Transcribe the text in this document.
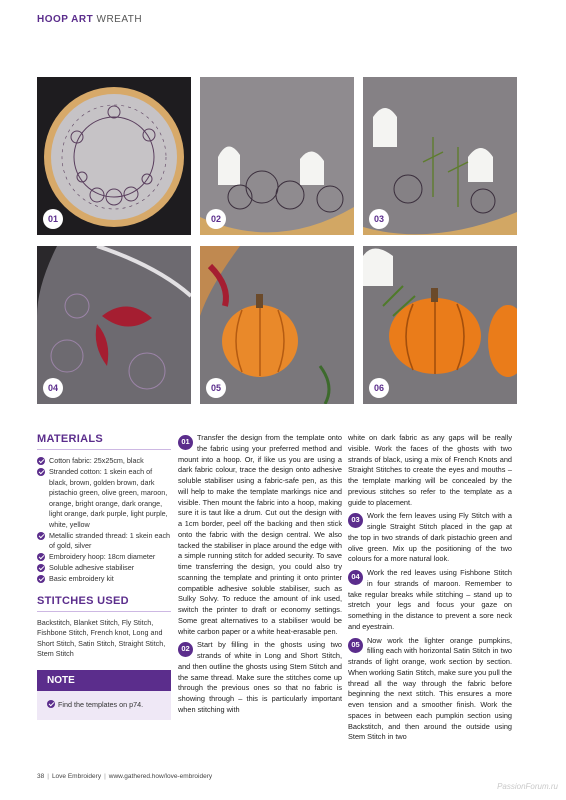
HOOP ART WREATH
01	02	03
04	05	06
MATERIALS
Cotton fabric: 25x25cm, black
Stranded cotton: 1 skein each of black, brown, golden brown, dark pistachio green, olive green, maroon, orange, bright orange, dark orange, light orange, dark purple, light purple, white, yellow
Metallic stranded thread: 1 skein each of gold, silver
Embroidery hoop: 18cm diameter
Soluble adhesive stabiliser
Basic embroidery kit
STITCHES USED
Backstitch, Blanket Stitch, Fly Stitch, Fishbone Stitch, French knot, Long and Short Stitch, Satin Stitch, Straight Stitch, Stem Stitch
NOTE
Find the templates on p74.

01 Transfer the design from the template onto the fabric using your preferred method and mount into a hoop. Or, if like us you are using a dark fabric colour, trace the design onto adhesive soluble stabiliser using a fabric-safe pen, as this will help to make the template markings nice and visible. Then mount the fabric into a hoop, making sure it is taut like a drum. Cut out the design with a 1cm border, peel off the backing and then stick onto the fabric with the design central. We also tacked the stabiliser in place around the edge with a simple running stitch for added security. To save time transferring the design, you could also try scanning the template and printing it onto printer compatible adhesive soluble stabiliser, such as Sulky Solvy. To reduce the amount of ink used, switch the printer to draft or economy settings. Some great alternatives to a stabiliser would be white carbon paper or a white heat-erasable pen.

02 Start by filling in the ghosts using two strands of white in Long and Short Stitch, and then outline the ghosts using Stem Stitch and the same thread. Make sure the stitches come up through the previous ones so that no fabric is showing through – this is particularly important when stitching with

white on dark fabric as any gaps will be really visible. Work the faces of the ghosts with two strands of black, using a mix of French Knots and Straight Stitches to create the eyes and mouths – the template marking will be concealed by the previous stitches so refer to the template as a guide to placement.

03 Work the fern leaves using Fly Stitch with a single Straight Stitch placed in the gap at the top in two strands of dark pistachio green and olive green. Mix up the positioning of the two colours for a more natural look.

04 Work the red leaves using Fishbone Stitch in four strands of maroon. Remember to take regular breaks while stitching – stand up to stretch your legs and focus your gaze on something in the distance to prevent a sore neck and eyestrain.

05 Now work the lighter orange pumpkins, filling each with horizontal Satin Stitch in two strands of light orange, work section by section. When working Satin Stitch, make sure you pull the thread all the way through the fabric before beginning the next stitch. This ensures a more even tension and a smoother finish. Work the spaces in between each pumpkin section using Backstitch, and then around the outside using Stem Stitch in two

38 | Love Embroidery | www.gathered.how/love-embroidery
PassionForum.ru
